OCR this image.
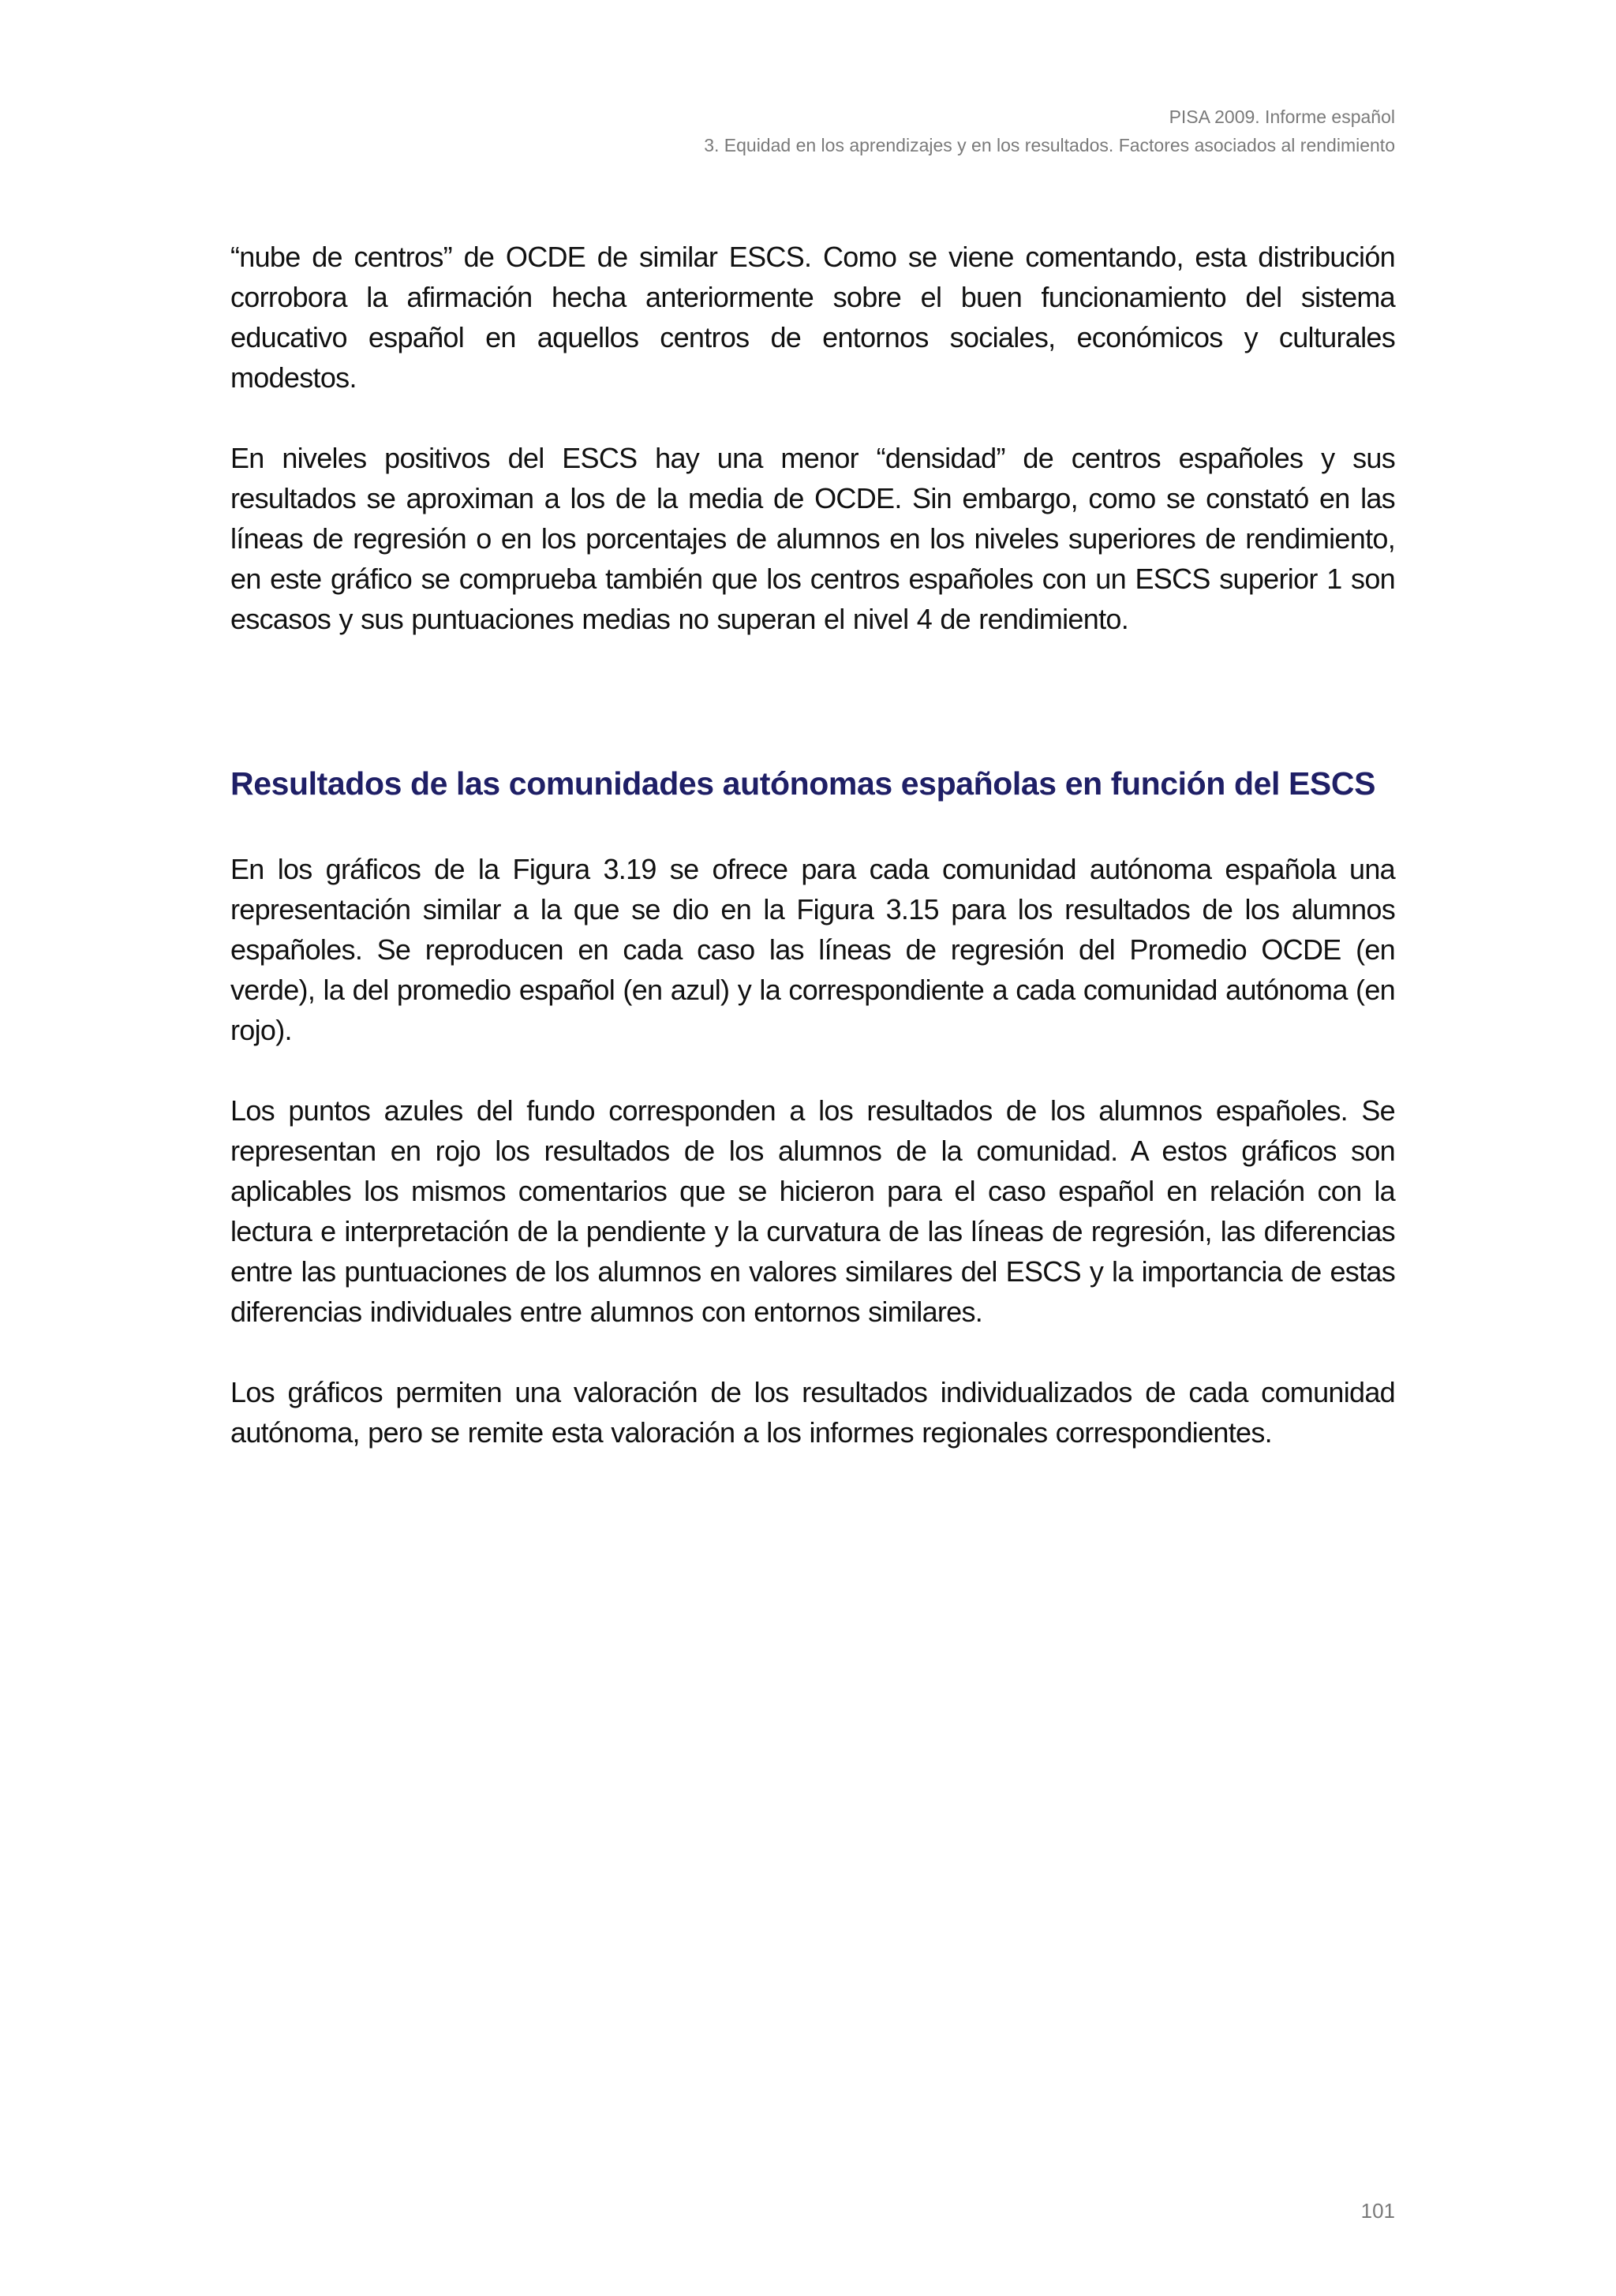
PISA 2009. Informe español
3. Equidad en los aprendizajes y en los resultados. Factores asociados al rendimiento

“nube de centros” de OCDE de similar ESCS. Como se viene comentando, esta distribución corrobora la afirmación hecha anteriormente sobre el buen funcionamiento del sistema educativo español en aquellos centros de entornos sociales, económicos y culturales modestos.

En niveles positivos del ESCS hay una menor “densidad” de centros españoles y sus resultados se aproximan a los de la media de OCDE. Sin embargo, como se constató en las líneas de regresión o en los porcentajes de alumnos en los niveles superiores de rendimiento, en este gráfico se comprueba también que los centros españoles con un ESCS superior 1 son escasos y sus puntuaciones medias no superan el nivel 4 de rendimiento.

Resultados de las comunidades autónomas españolas en función del ESCS

En los gráficos de la Figura 3.19 se ofrece para cada comunidad autónoma española una representación similar a la que se dio en la Figura 3.15 para los resultados de los alumnos españoles. Se reproducen en cada caso las líneas de regresión del Promedio OCDE (en verde), la del promedio español (en azul) y la correspondiente a cada comunidad autónoma (en rojo).

Los puntos azules del fundo corresponden a los resultados de los alumnos españoles. Se representan en rojo los resultados de los alumnos de la comunidad. A estos gráficos son aplicables los mismos comentarios que se hicieron para el caso español en relación con la lectura e interpretación de la pendiente y la curvatura de las líneas de regresión, las diferencias entre las puntuaciones de los alumnos en valores similares del ESCS y la importancia de estas diferencias individuales entre alumnos con entornos similares.

Los gráficos permiten una valoración de los resultados individualizados de cada comunidad autónoma, pero se remite esta valoración a los informes regionales correspondientes.

101
